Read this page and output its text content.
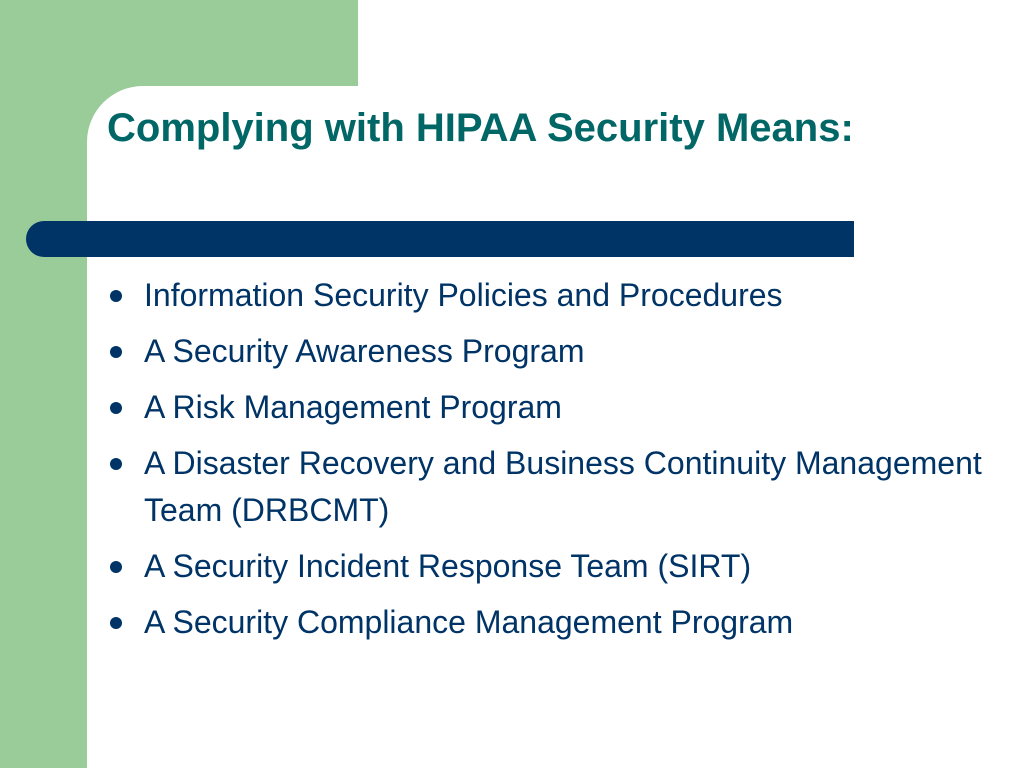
Complying with HIPAA Security Means:
Information Security Policies and Procedures
A Security Awareness Program
A Risk Management Program
A Disaster Recovery and Business Continuity Management Team (DRBCMT)
A Security Incident Response Team (SIRT)
A Security Compliance Management Program
